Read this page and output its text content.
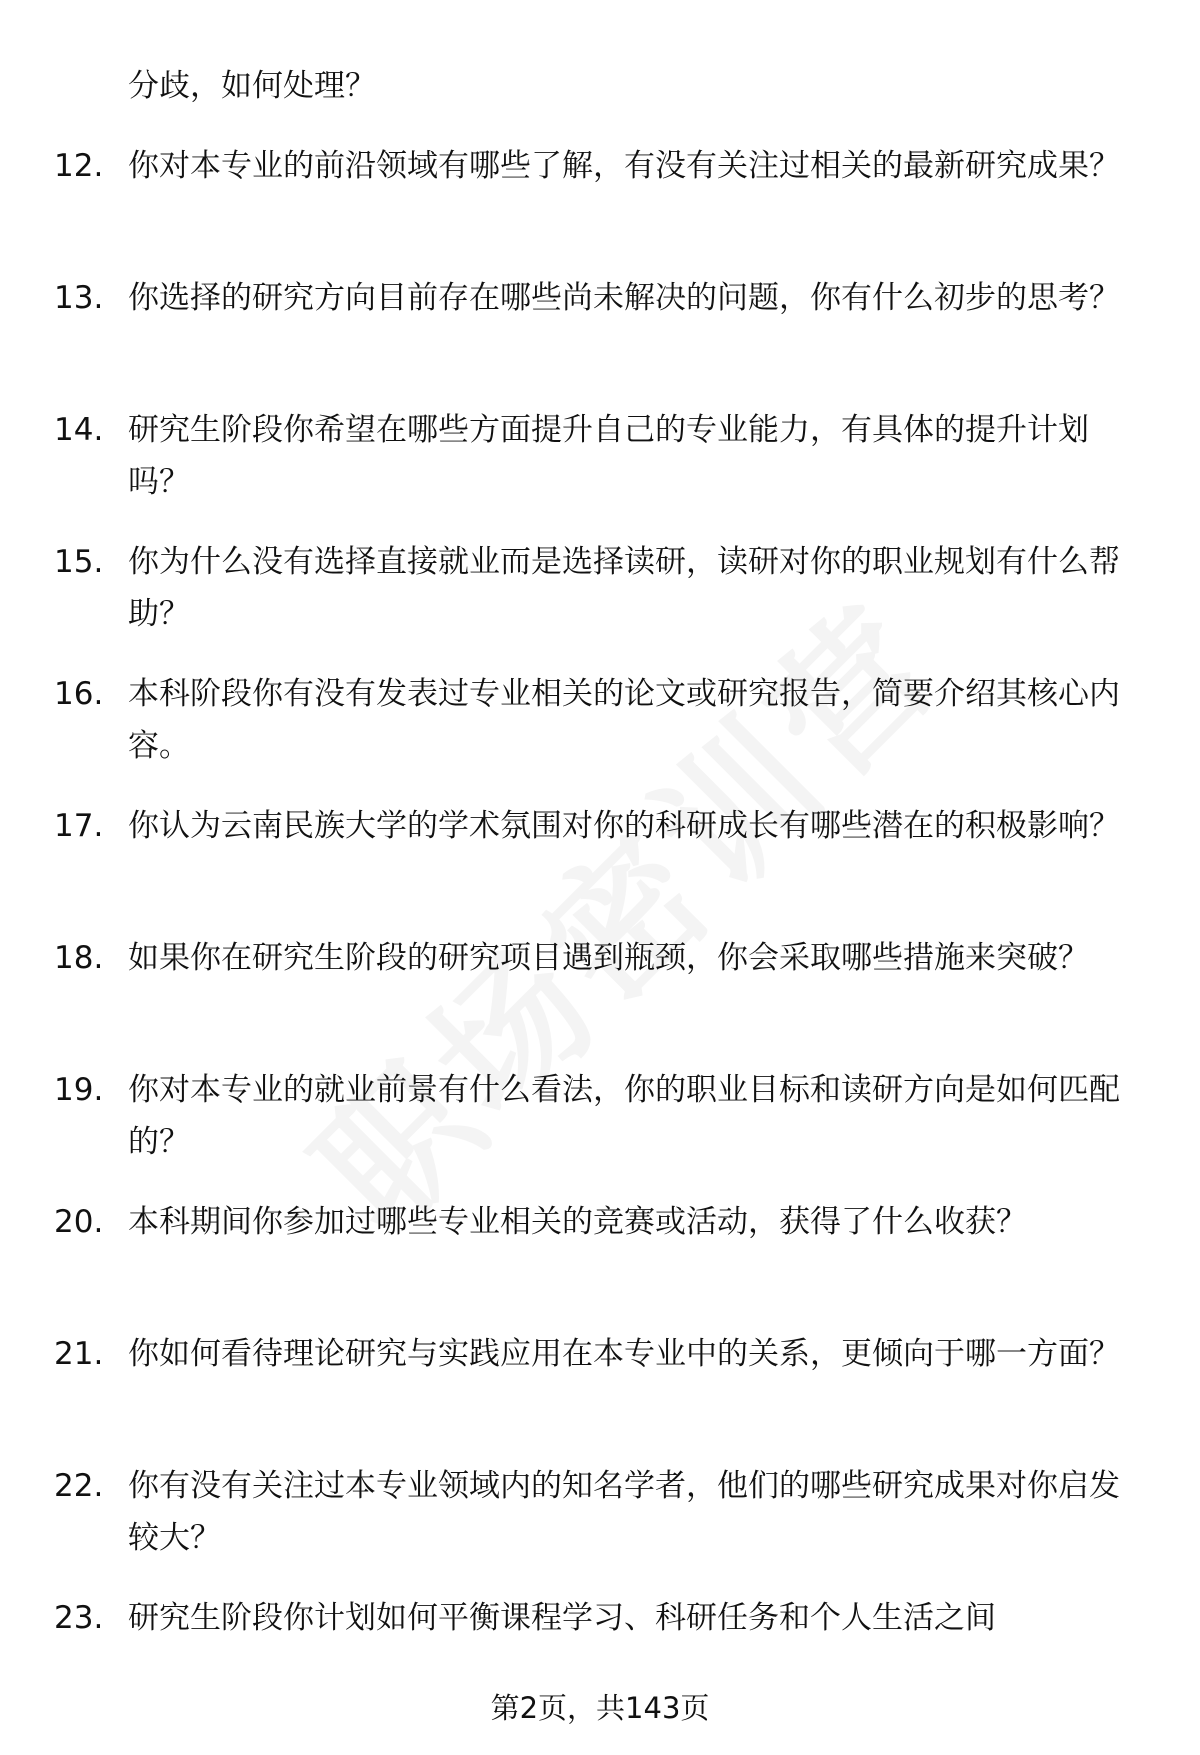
分歧，如何处理？
12. 你对本专业的前沿领域有哪些了解，有没有关注过相关的最新研究成果？
13. 你选择的研究方向目前存在哪些尚未解决的问题，你有什么初步的思考？
14. 研究生阶段你希望在哪些方面提升自己的专业能力，有具体的提升计划吗？
15. 你为什么没有选择直接就业而是选择读研，读研对你的职业规划有什么帮助？
16. 本科阶段你有没有发表过专业相关的论文或研究报告，简要介绍其核心内容。
17. 你认为云南民族大学的学术氛围对你的科研成长有哪些潜在的积极影响？
18. 如果你在研究生阶段的研究项目遇到瓶颈，你会采取哪些措施来突破？
19. 你对本专业的就业前景有什么看法，你的职业目标和读研方向是如何匹配的？
20. 本科期间你参加过哪些专业相关的竞赛或活动，获得了什么收获？
21. 你如何看待理论研究与实践应用在本专业中的关系，更倾向于哪一方面？
22. 你有没有关注过本专业领域内的知名学者，他们的哪些研究成果对你启发较大？
23. 研究生阶段你计划如何平衡课程学习、科研任务和个人生活之间
第2页，共143页
